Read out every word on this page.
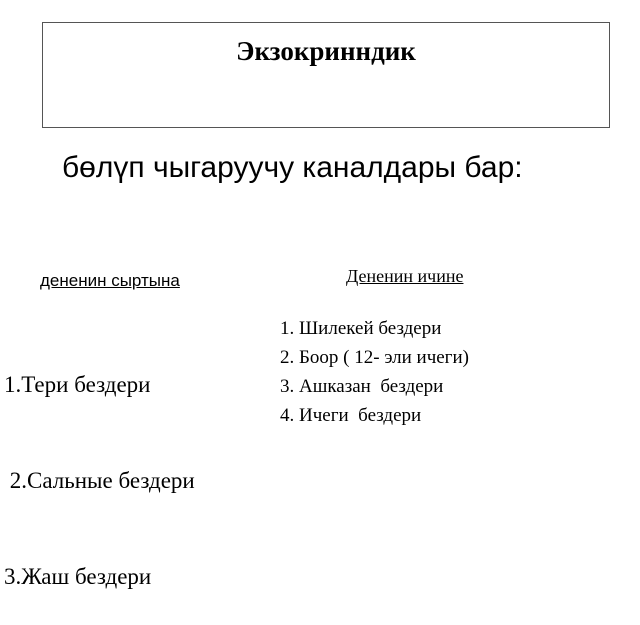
Экзокринндик
бөлүп чыгаруучу каналдары бар:
дененин сыртына	Дененин ичине

1.Тери бездери

2.Сальные бездери

3.Жаш бездери

1. Шилекей бездери
2. Боор ( 12- эли ичеги)
3. Ашказан  бездери
4. Ичеги  бездери
